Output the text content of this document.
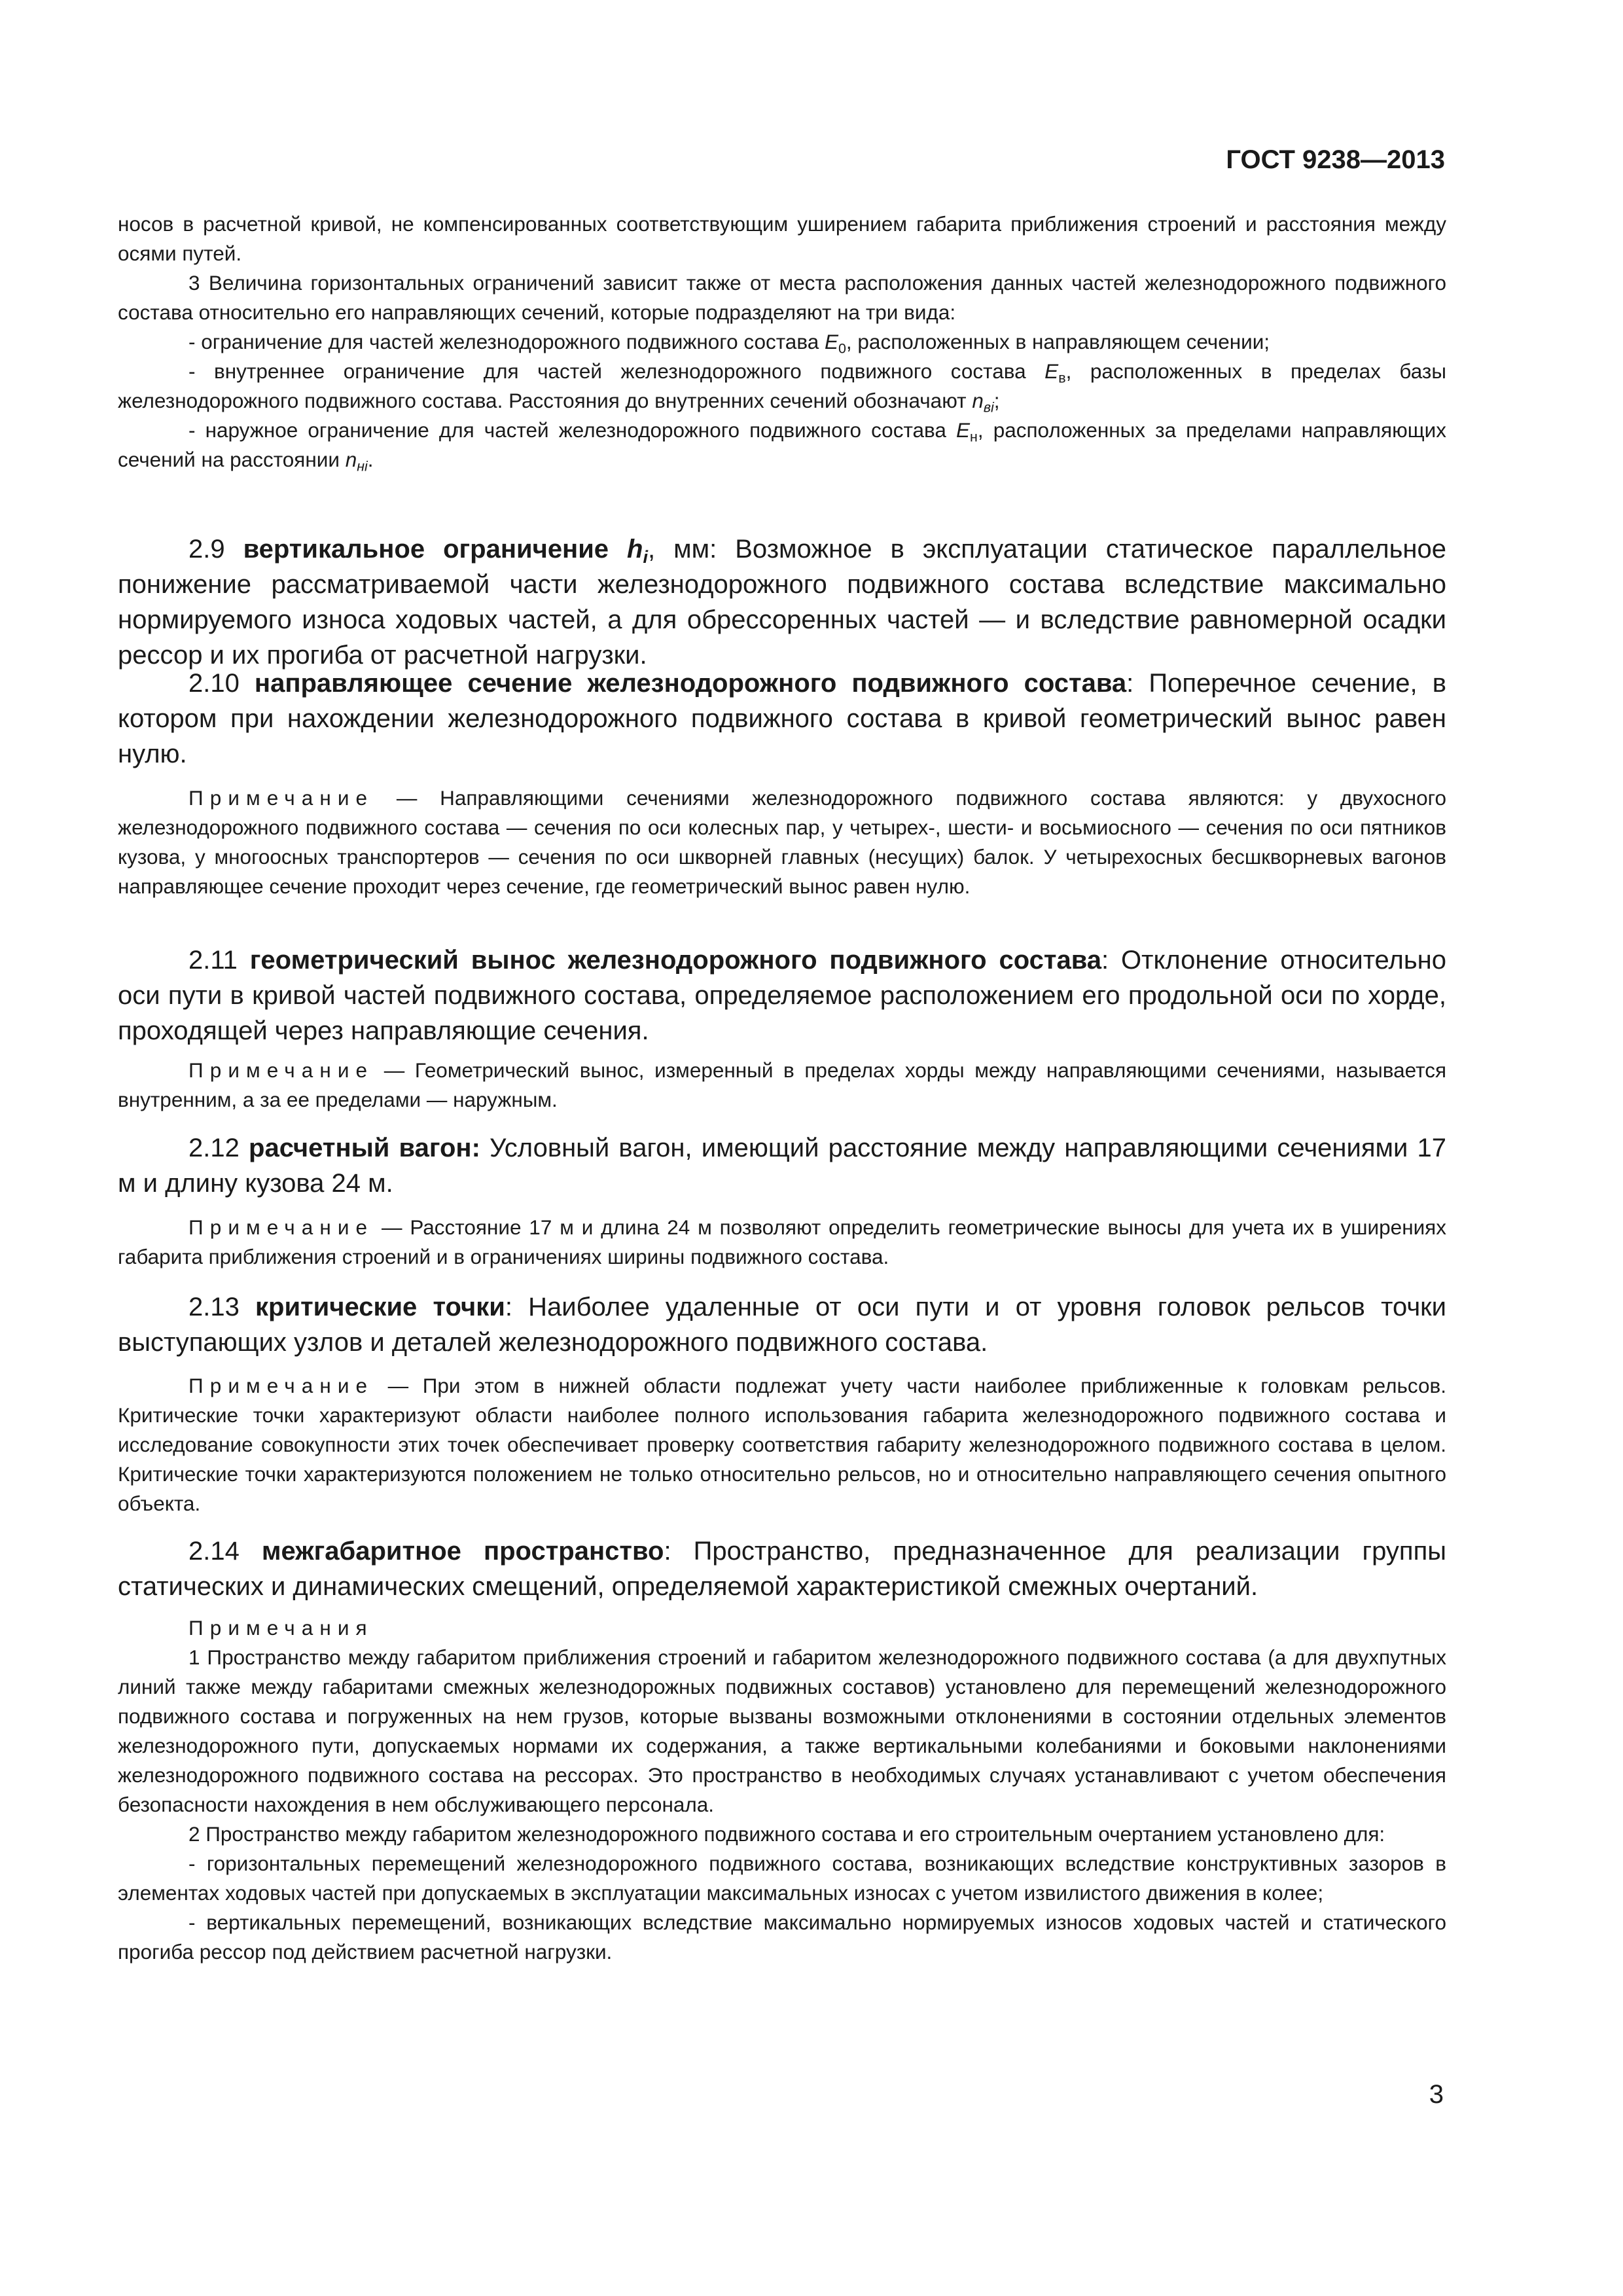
ГОСТ 9238—2013

носов в расчетной кривой, не компенсированных соответствующим уширением габарита приближения строений и расстояния между осями путей.

3 Величина горизонтальных ограничений зависит также от места расположения данных частей железнодорожного подвижного состава относительно его направляющих сечений, которые подразделяют на три вида:

- ограничение для частей железнодорожного подвижного состава $E_0$, расположенных в направляющем сечении;

- внутреннее ограничение для частей железнодорожного подвижного состава $E_в$, расположенных в пределах базы железнодорожного подвижного состава. Расстояния до внутренних сечений обозначают $n_{вi}$;

- наружное ограничение для частей железнодорожного подвижного состава $E_н$, расположенных за пределами направляющих сечений на расстоянии $n_{нi}$.

2.9 вертикальное ограничение $h_i$, мм: Возможное в эксплуатации статическое параллельное понижение рассматриваемой части железнодорожного подвижного состава вследствие максимально нормируемого износа ходовых частей, а для обрессоренных частей — и вследствие равномерной осадки рессор и их прогиба от расчетной нагрузки.

2.10 направляющее сечение железнодорожного подвижного состава: Поперечное сечение, в котором при нахождении железнодорожного подвижного состава в кривой геометрический вынос равен нулю.

Примечание — Направляющими сечениями железнодорожного подвижного состава являются: у двухосного железнодорожного подвижного состава — сечения по оси колесных пар, у четырех-, шести- и восьмиосного — сечения по оси пятников кузова, у многоосных транспортеров — сечения по оси шкворней главных (несущих) балок. У четырехосных бесшкворневых вагонов направляющее сечение проходит через сечение, где геометрический вынос равен нулю.

2.11 геометрический вынос железнодорожного подвижного состава: Отклонение относительно оси пути в кривой частей подвижного состава, определяемое расположением его продольной оси по хорде, проходящей через направляющие сечения.

Примечание — Геометрический вынос, измеренный в пределах хорды между направляющими сечениями, называется внутренним, а за ее пределами — наружным.

2.12 расчетный вагон: Условный вагон, имеющий расстояние между направляющими сечениями 17 м и длину кузова 24 м.

Примечание — Расстояние 17 м и длина 24 м позволяют определить геометрические выносы для учета их в уширениях габарита приближения строений и в ограничениях ширины подвижного состава.

2.13 критические точки: Наиболее удаленные от оси пути и от уровня головок рельсов точки выступающих узлов и деталей железнодорожного подвижного состава.

Примечание — При этом в нижней области подлежат учету части наиболее приближенные к головкам рельсов. Критические точки характеризуют области наиболее полного использования габарита железнодорожного подвижного состава и исследование совокупности этих точек обеспечивает проверку соответствия габариту железнодорожного подвижного состава в целом. Критические точки характеризуются положением не только относительно рельсов, но и относительно направляющего сечения опытного объекта.

2.14 межгабаритное пространство: Пространство, предназначенное для реализации группы статических и динамических смещений, определяемой характеристикой смежных очертаний.

Примечания

1 Пространство между габаритом приближения строений и габаритом железнодорожного подвижного состава (а для двухпутных линий также между габаритами смежных железнодорожных подвижных составов) установлено для перемещений железнодорожного подвижного состава и погруженных на нем грузов, которые вызваны возможными отклонениями в состоянии отдельных элементов железнодорожного пути, допускаемых нормами их содержания, а также вертикальными колебаниями и боковыми наклонениями железнодорожного подвижного состава на рессорах. Это пространство в необходимых случаях устанавливают с учетом обеспечения безопасности нахождения в нем обслуживающего персонала.

2 Пространство между габаритом железнодорожного подвижного состава и его строительным очертанием установлено для:

- горизонтальных перемещений железнодорожного подвижного состава, возникающих вследствие конструктивных зазоров в элементах ходовых частей при допускаемых в эксплуатации максимальных износах с учетом извилистого движения в колее;

- вертикальных перемещений, возникающих вследствие максимально нормируемых износов ходовых частей и статического прогиба рессор под действием расчетной нагрузки.

3
